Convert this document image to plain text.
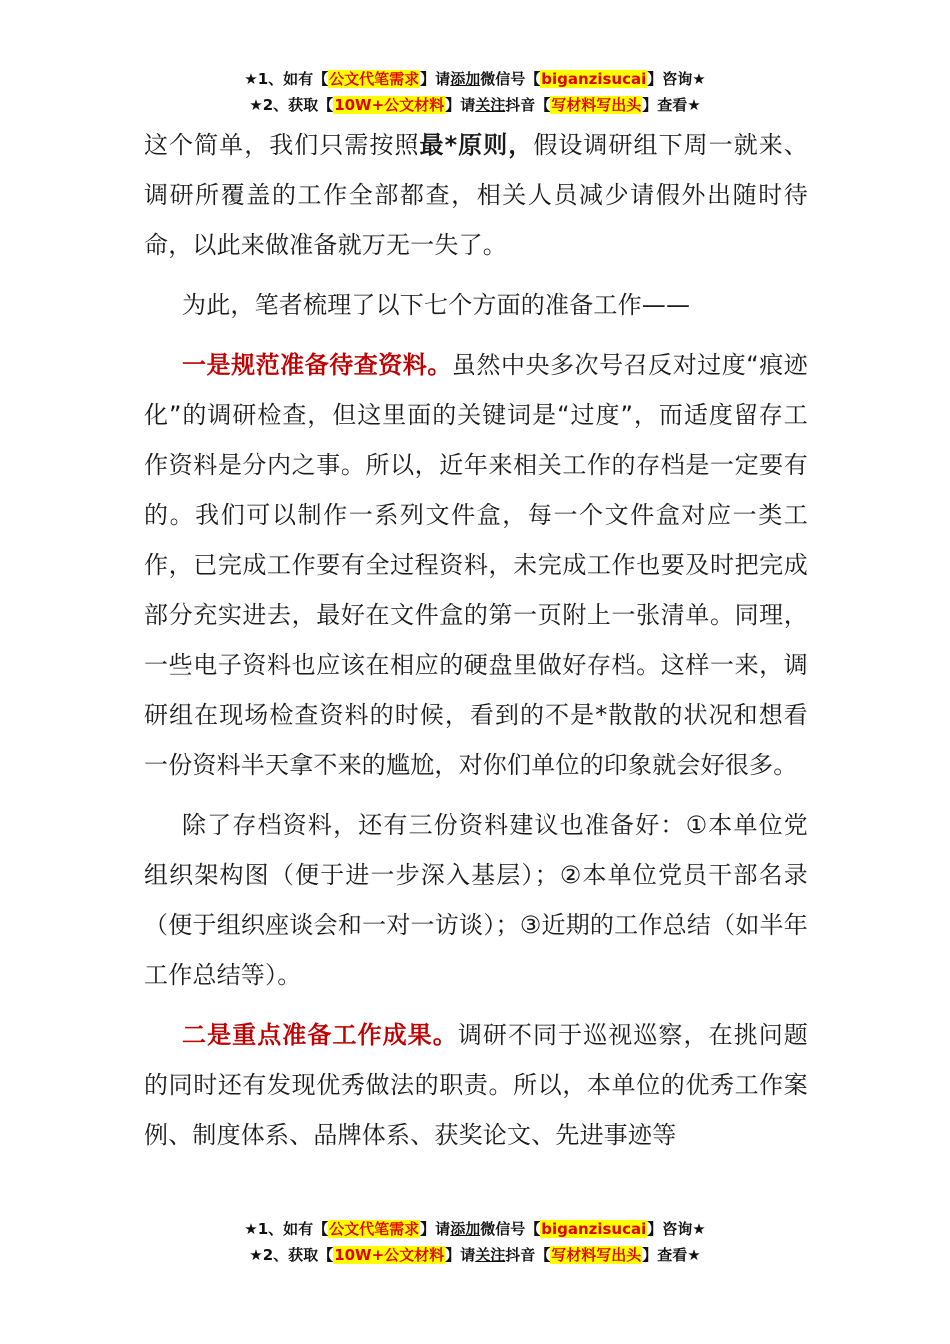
★1、如有【公文代笔需求】请添加微信号【biganzisucai】咨询★
★2、获取【10W+公文材料】请关注抖音【写材料写出头】查看★

这个简单，我们只需按照最*原则，假设调研组下周一就来、调研所覆盖的工作全部都查，相关人员减少请假外出随时待命，以此来做准备就万无一失了。

为此，笔者梳理了以下七个方面的准备工作——

一是规范准备待查资料。虽然中央多次号召反对过度“痕迹化”的调研检查，但这里面的关键词是“过度”，而适度留存工作资料是分内之事。所以，近年来相关工作的存档是一定要有的。我们可以制作一系列文件盒，每一个文件盒对应一类工作，已完成工作要有全过程资料，未完成工作也要及时把完成部分充实进去，最好在文件盒的第一页附上一张清单。同理，一些电子资料也应该在相应的硬盘里做好存档。这样一来，调研组在现场检查资料的时候，看到的不是*散散的状况和想看一份资料半天拿不来的尴尬，对你们单位的印象就会好很多。

除了存档资料，还有三份资料建议也准备好：①本单位党组织架构图（便于进一步深入基层）；②本单位党员干部名录（便于组织座谈会和一对一访谈）；③近期的工作总结（如半年工作总结等）。

二是重点准备工作成果。调研不同于巡视巡察，在挑问题的同时还有发现优秀做法的职责。所以，本单位的优秀工作案例、制度体系、品牌体系、获奖论文、先进事迹等

★1、如有【公文代笔需求】请添加微信号【biganzisucai】咨询★
★2、获取【10W+公文材料】请关注抖音【写材料写出头】查看★
